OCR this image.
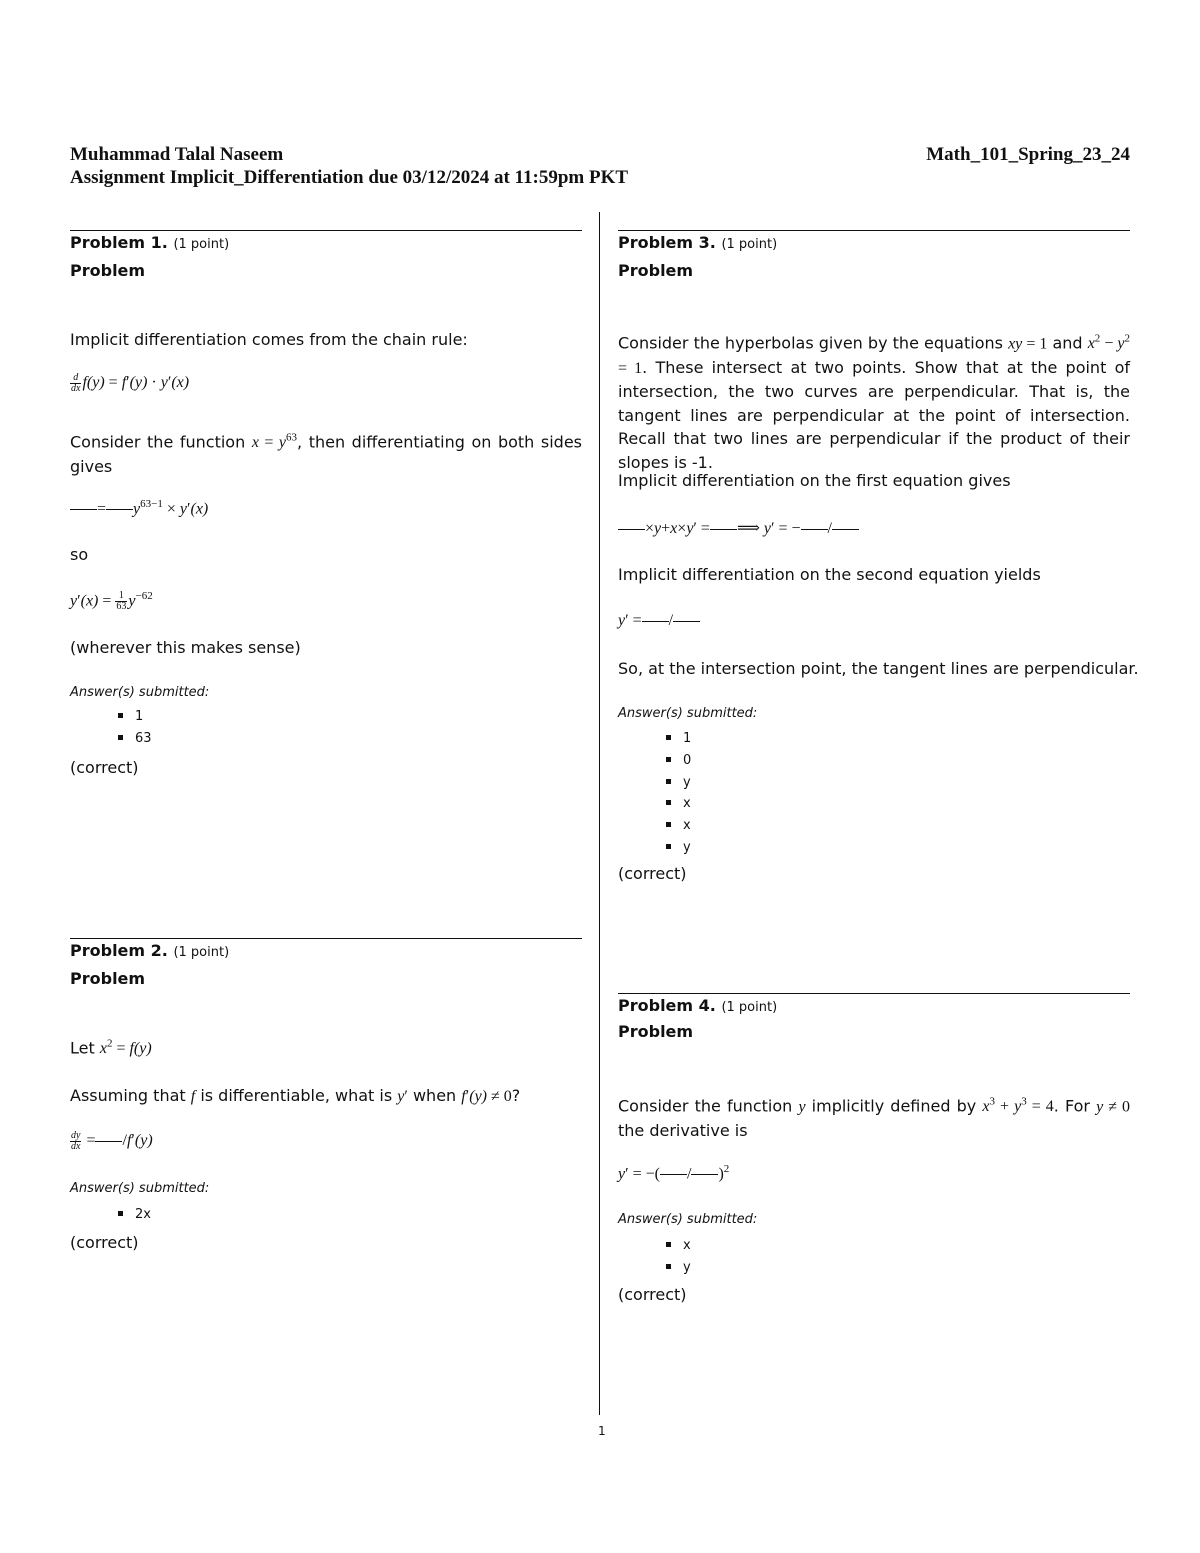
Muhammad Talal Naseem	Math_101_Spring_23_24
Assignment Implicit_Differentiation due 03/12/2024 at 11:59pm PKT
Problem 1. (1 point)
Problem
Implicit differentiation comes from the chain rule:
$\frac{d}{dx} f(y) = f'(y) \cdot y'(x)$
Consider the function $x = y^{63}$, then differentiating on both sides gives
= $y^{63-1} \times y'(x)$
so
$y'(x) = \frac{1}{63} y^{-62}$
(wherever this makes sense)
Answer(s) submitted:
1
63
(correct)
Problem 2. (1 point)
Problem
Let $x^2 = f(y)$
Assuming that f is differentiable, what is y′ when f′(y) ≠ 0?
$\frac{dy}{dx} = /f'(y)$
Answer(s) submitted:
2x
(correct)
Problem 3. (1 point)
Problem
Consider the hyperbolas given by the equations xy = 1 and $x^2 - y^2 = 1$. These intersect at two points. Show that at the point of intersection, the two curves are perpendicular. That is, the tangent lines are perpendicular at the point of intersection. Recall that two lines are perpendicular if the product of their slopes is -1.
Implicit differentiation on the first equation gives
×y+x×y′ = ⟹ y′ = − /
Implicit differentiation on the second equation yields
y′ = /
So, at the intersection point, the tangent lines are perpendicular.
Answer(s) submitted:
1
0
y
x
x
y
(correct)
Problem 4. (1 point)
Problem
Consider the function y implicitly defined by $x^3 + y^3 = 4$. For y ≠ 0 the derivative is
y′ = −( / )$^2$
Answer(s) submitted:
x
y
(correct)
1
